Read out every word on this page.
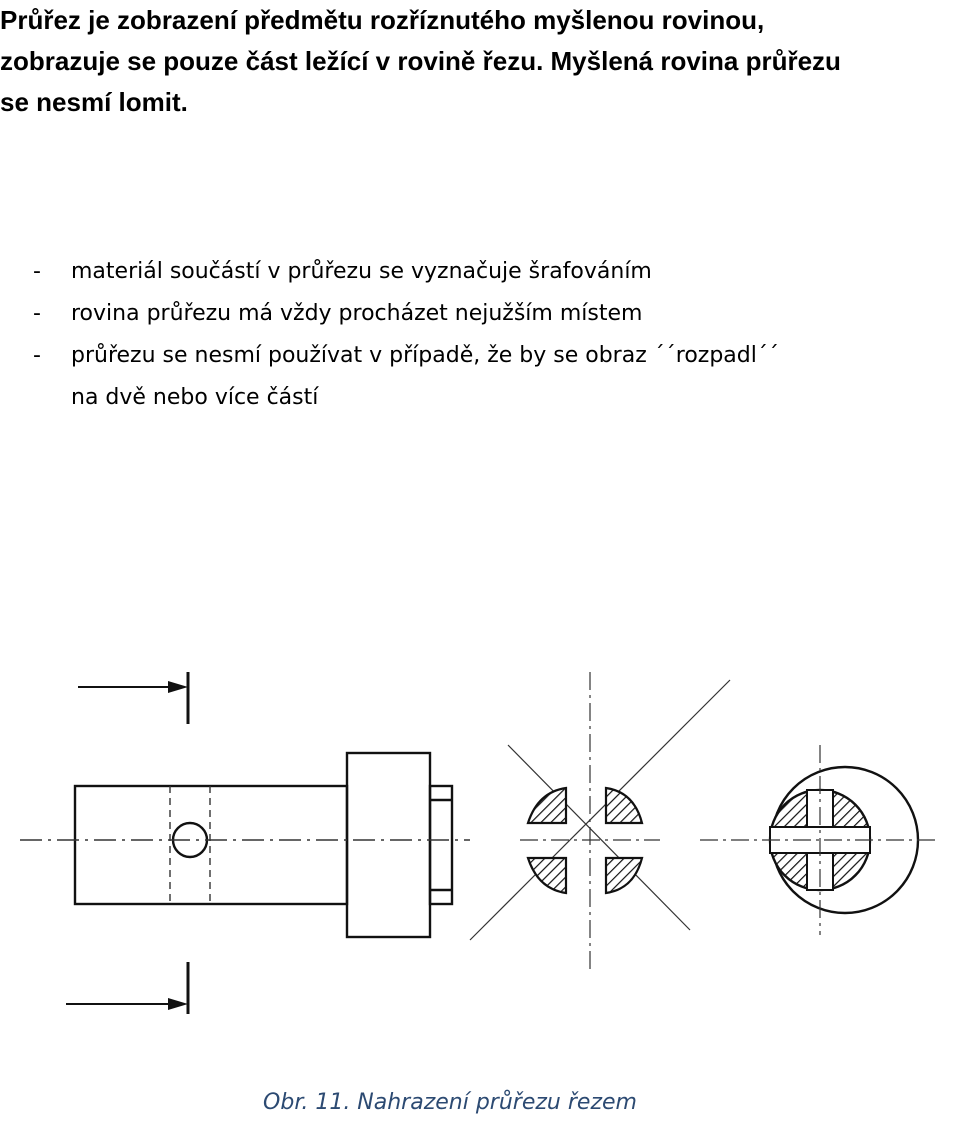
Průřez je zobrazení předmětu rozříznutého myšlenou rovinou,
zobrazuje se pouze část ležící v rovině řezu. Myšlená rovina průřezu
se nesmí lomit.

- materiál součástí v průřezu se vyznačuje šrafováním
- rovina průřezu má vždy procházet nejužším místem
- průřezu se nesmí používat v případě, že by se obraz ´´rozpadl´´
na dvě nebo více částí
Obr. 11. Nahrazení průřezu řezem
